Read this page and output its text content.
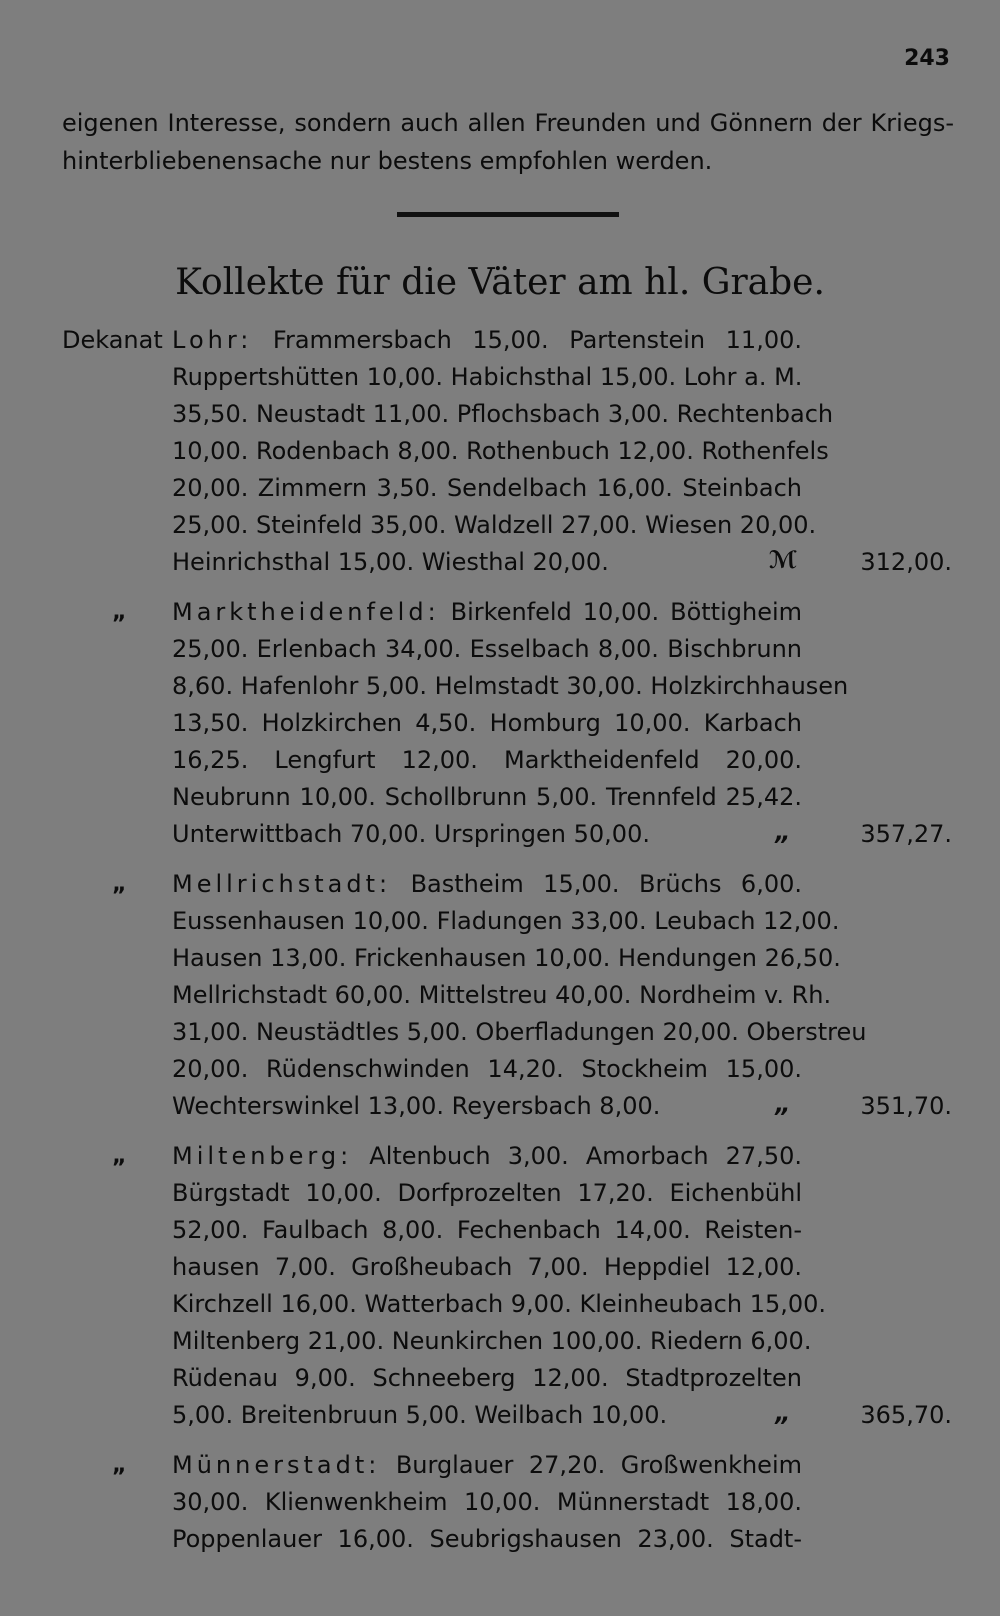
243
eigenen Interesse, sondern auch allen Freunden und Gönnern der Kriegs-
hinterbliebenensache nur bestens empfohlen werden.
Kollekte für die Väter am hl. Grabe.
Dekanat Lohr: Frammersbach 15,00. Partenstein 11,00.
Ruppertshütten 10,00. Habichsthal 15,00. Lohr a. M.
35,50. Neustadt 11,00. Pflochsbach 3,00. Rechtenbach
10,00. Rodenbach 8,00. Rothenbuch 12,00. Rothenfels
20,00. Zimmern 3,50. Sendelbach 16,00. Steinbach
25,00. Steinfeld 35,00. Waldzell 27,00. Wiesen 20,00.
Heinrichsthal 15,00. Wiesthal 20,00.	ℳ	312,00.
„ Marktheidenfeld: Birkenfeld 10,00. Böttigheim
25,00. Erlenbach 34,00. Esselbach 8,00. Bischbrunn
8,60. Hafenlohr 5,00. Helmstadt 30,00. Holzkirchhausen
13,50. Holzkirchen 4,50. Homburg 10,00. Karbach
16,25. Lengfurt 12,00. Marktheidenfeld 20,00.
Neubrunn 10,00. Schollbrunn 5,00. Trennfeld 25,42.
Unterwittbach 70,00. Urspringen 50,00.	„	357,27.
„ Mellrichstadt: Bastheim 15,00. Brüchs 6,00.
Eussenhausen 10,00. Fladungen 33,00. Leubach 12,00.
Hausen 13,00. Frickenhausen 10,00. Hendungen 26,50.
Mellrichstadt 60,00. Mittelstreu 40,00. Nordheim v. Rh.
31,00. Neustädtles 5,00. Oberfladungen 20,00. Oberstreu
20,00. Rüdenschwinden 14,20. Stockheim 15,00.
Wechterswinkel 13,00. Reyersbach 8,00.	„	351,70.
„ Miltenberg: Altenbuch 3,00. Amorbach 27,50.
Bürgstadt 10,00. Dorfprozelten 17,20. Eichenbühl
52,00. Faulbach 8,00. Fechenbach 14,00. Reisten-
hausen 7,00. Großheubach 7,00. Heppdiel 12,00.
Kirchzell 16,00. Watterbach 9,00. Kleinheubach 15,00.
Miltenberg 21,00. Neunkirchen 100,00. Riedern 6,00.
Rüdenau 9,00. Schneeberg 12,00. Stadtprozelten
5,00. Breitenbruun 5,00. Weilbach 10,00.	„	365,70.
„ Münnerstadt: Burglauer 27,20. Großwenkheim
30,00. Klienwenkheim 10,00. Münnerstadt 18,00.
Poppenlauer 16,00. Seubrigshausen 23,00. Stadt-
